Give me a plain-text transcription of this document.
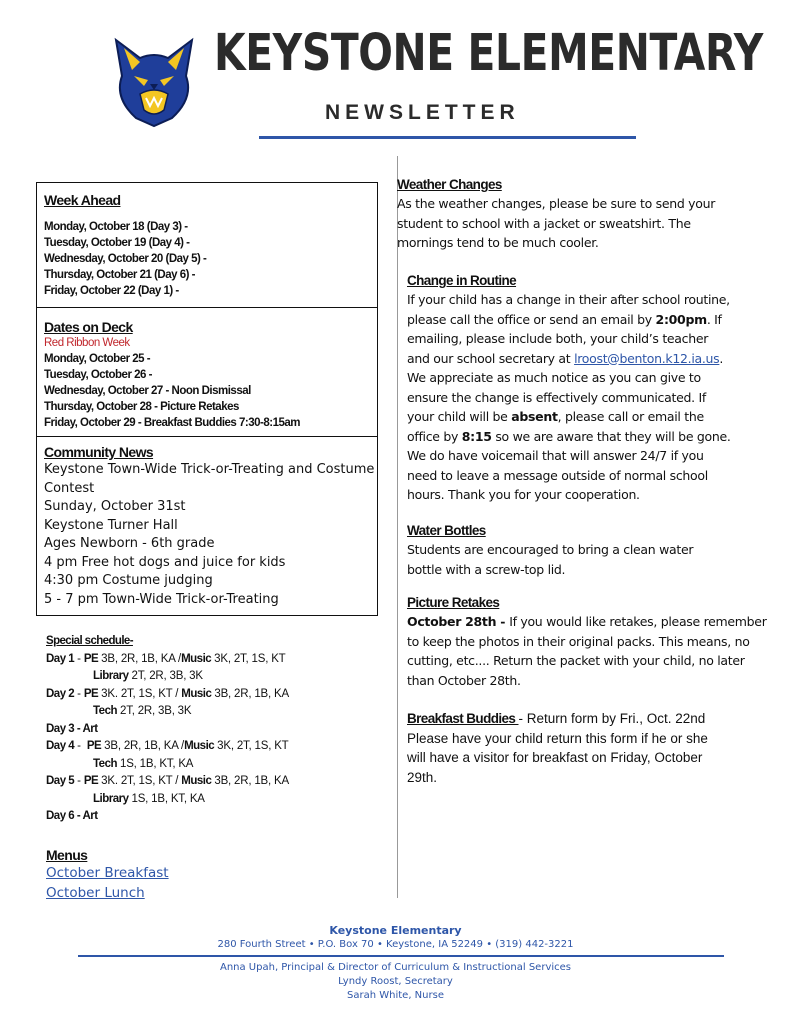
KEYSTONE ELEMENTARY
NEWSLETTER
Week Ahead
Monday, October 18 (Day 3) -
Tuesday, October 19 (Day 4) -
Wednesday, October 20 (Day 5) -
Thursday, October 21 (Day 6) -
Friday, October 22 (Day 1) -
Dates on Deck
Red Ribbon Week
Monday, October 25 -
Tuesday, October 26 -
Wednesday, October 27 - Noon Dismissal
Thursday, October 28 - Picture Retakes
Friday, October 29 - Breakfast Buddies 7:30-8:15am
Community News
Keystone Town-Wide Trick-or-Treating and Costume
Contest
Sunday, October 31st
Keystone Turner Hall
Ages Newborn - 6th grade
4 pm Free hot dogs and juice for kids
4:30 pm Costume judging
5 - 7 pm Town-Wide Trick-or-Treating
Special schedule-
Day 1 - PE 3B, 2R, 1B, KA /Music 3K, 2T, 1S, KT
Library 2T, 2R, 3B, 3K
Day 2 - PE 3K. 2T, 1S, KT / Music 3B, 2R, 1B, KA
Tech 2T, 2R, 3B, 3K
Day 3 - Art
Day 4 -  PE 3B, 2R, 1B, KA /Music 3K, 2T, 1S, KT
Tech 1S, 1B, KT, KA
Day 5 - PE 3K. 2T, 1S, KT / Music 3B, 2R, 1B, KA
Library 1S, 1B, KT, KA
Day 6 - Art
Menus
October Breakfast
October Lunch
Weather Changes

As the weather changes, please be sure to send your

student to school with a jacket or sweatshirt. The

mornings tend to be much cooler.

Change in Routine

If your child has a change in their after school routine,

please call the office or send an email by 2:00pm. If

emailing, please include both, your child’s teacher

and our school secretary at lroost@benton.k12.ia.us.

We appreciate as much notice as you can give to

ensure the change is effectively communicated. If

your child will be absent, please call or email the

office by 8:15 so we are aware that they will be gone.

We do have voicemail that will answer 24/7 if you

need to leave a message outside of normal school

hours. Thank you for your cooperation.

Water Bottles

Students are encouraged to bring a clean water

bottle with a screw-top lid.

Picture Retakes

October 28th - If you would like retakes, please remember

to keep the photos in their original packs. This means, no

cutting, etc.... Return the packet with your child, no later

than October 28th.

Breakfast Buddies - Return form by Fri., Oct. 22nd

Please have your child return this form if he or she

will have a visitor for breakfast on Friday, October

29th.

Keystone Elementary
280 Fourth Street • P.O. Box 70 • Keystone, IA 52249 • (319) 442-3221
Anna Upah, Principal & Director of Curriculum & Instructional Services
Lyndy Roost, Secretary
Sarah White, Nurse
